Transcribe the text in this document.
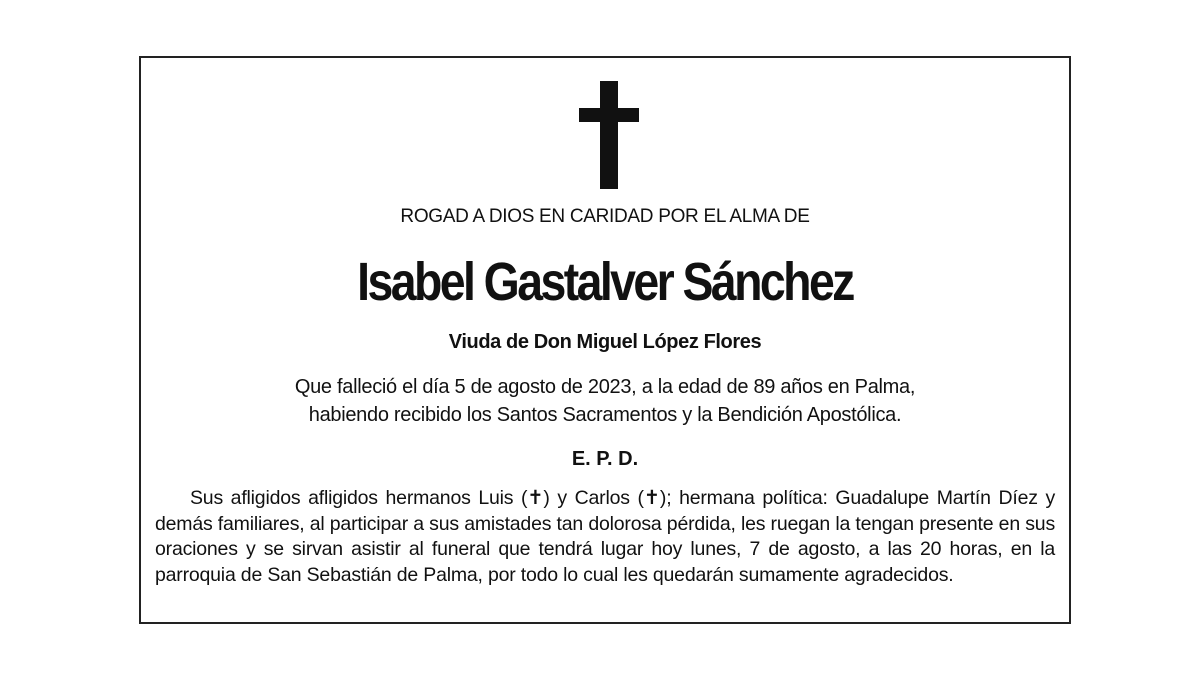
ROGAD A DIOS EN CARIDAD POR EL ALMA DE
Isabel Gastalver Sánchez
Viuda de Don Miguel López Flores
Que falleció el día 5 de agosto de 2023, a la edad de 89 años en Palma,
habiendo recibido los Santos Sacramentos y la Bendición Apostólica.
E. P. D.
Sus afligidos afligidos hermanos Luis (✝) y Carlos (✝); hermana política: Guadalupe Martín Díez y demás familiares, al participar a sus amistades tan dolorosa pérdida, les ruegan la tengan presente en sus oraciones y se sirvan asistir al funeral que tendrá lugar hoy lunes, 7 de agosto, a las 20 horas, en la parroquia de San Sebastián de Palma, por todo lo cual les quedarán sumamente agradecidos.
